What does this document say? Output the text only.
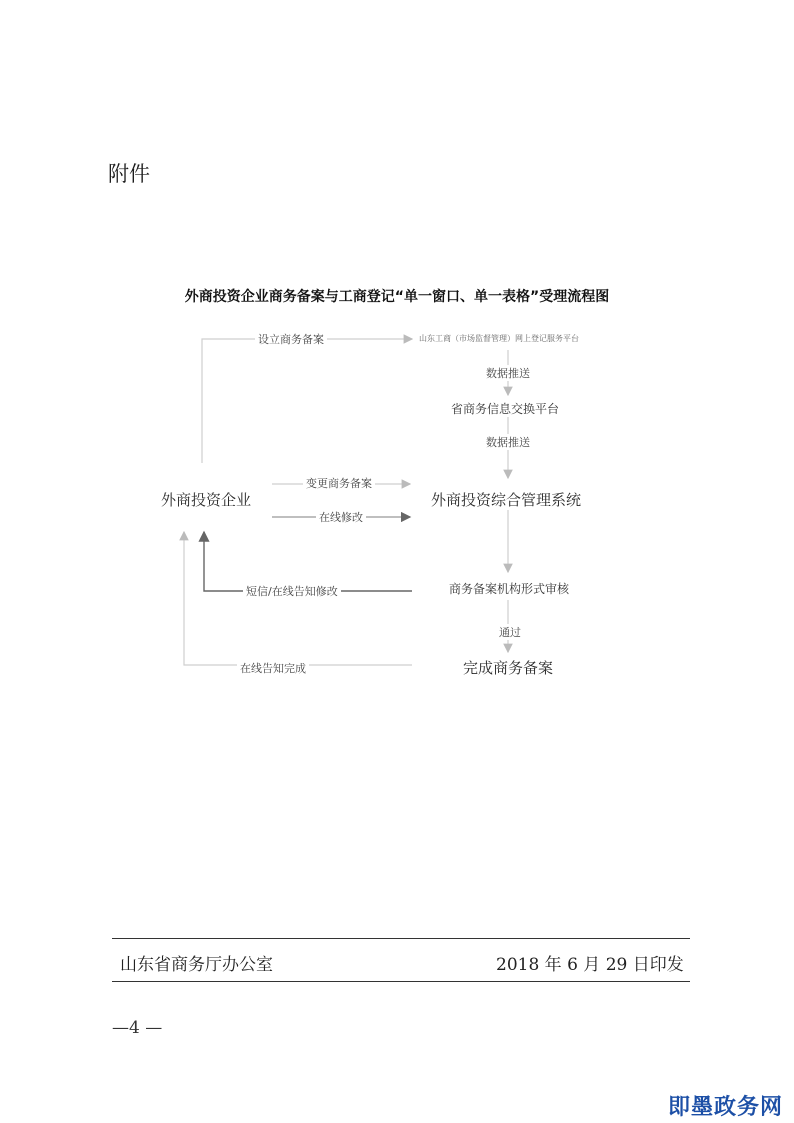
附件
外商投资企业商务备案与工商登记“单一窗口、单一表格”受理流程图
设立商务备案
数据推送
数据推送
变更商务备案
在线修改
短信/在线告知修改
通过
在线告知完成
山东工商（市场监督管理）网上登记服务平台
省商务信息交换平台
外商投资企业	外商投资综合管理系统
商务备案机构形式审核
完成商务备案
山东省商务厅办公室	2018 年 6 月 29 日印发
—4 —
即墨政务网
